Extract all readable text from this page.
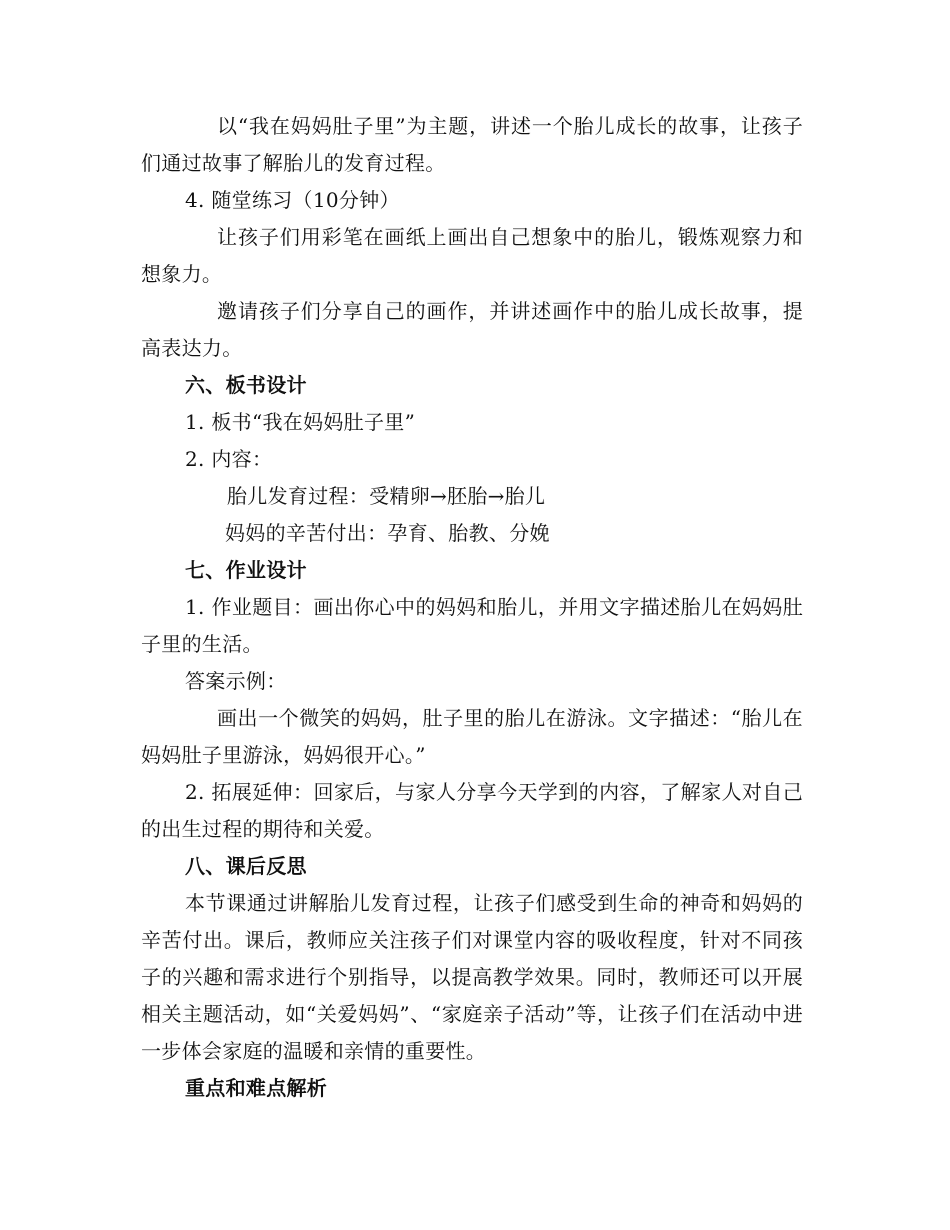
以“我在妈妈肚子里”为主题，讲述一个胎儿成长的故事，让孩子们通过故事了解胎儿的发育过程。
4. 随堂练习（10分钟）
让孩子们用彩笔在画纸上画出自己想象中的胎儿，锻炼观察力和想象力。
邀请孩子们分享自己的画作，并讲述画作中的胎儿成长故事，提高表达力。
六、板书设计
1. 板书“我在妈妈肚子里”
2. 内容：
胎儿发育过程：受精卵→胚胎→胎儿
妈妈的辛苦付出：孕育、胎教、分娩
七、作业设计
1. 作业题目：画出你心中的妈妈和胎儿，并用文字描述胎儿在妈妈肚子里的生活。
答案示例：
画出一个微笑的妈妈，肚子里的胎儿在游泳。文字描述：“胎儿在妈妈肚子里游泳，妈妈很开心。”
2. 拓展延伸：回家后，与家人分享今天学到的内容，了解家人对自己的出生过程的期待和关爱。
八、课后反思
本节课通过讲解胎儿发育过程，让孩子们感受到生命的神奇和妈妈的辛苦付出。课后，教师应关注孩子们对课堂内容的吸收程度，针对不同孩子的兴趣和需求进行个别指导，以提高教学效果。同时，教师还可以开展相关主题活动，如“关爱妈妈”、“家庭亲子活动”等，让孩子们在活动中进一步体会家庭的温暖和亲情的重要性。
重点和难点解析
